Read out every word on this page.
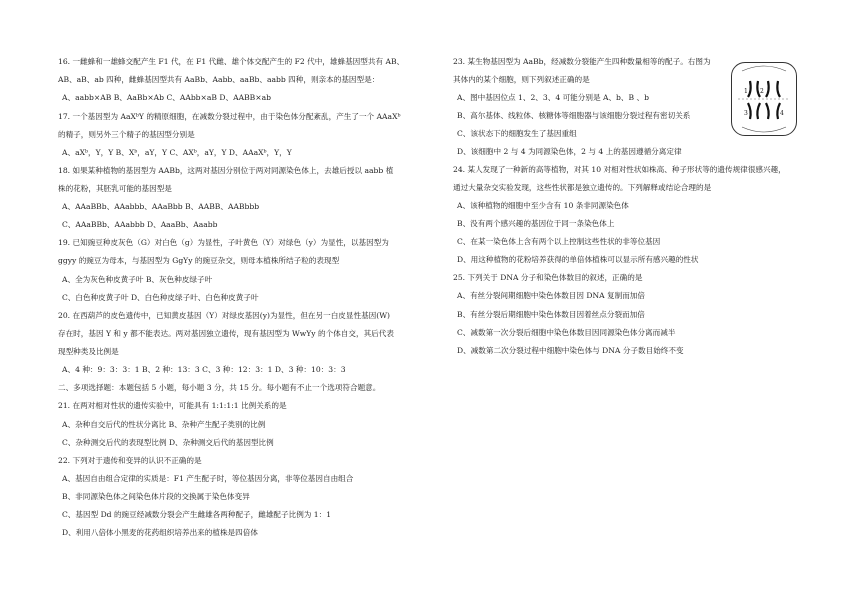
16. 一雌蜂和一雄蜂交配产生 F1 代，在 F1 代雌、雄个体交配产生的 F2 代中，雄蜂基因型共有 AB、
AB、aB、ab 四种，雌蜂基因型共有 AaBb、Aabb、aaBb、aabb 四种，则亲本的基因型是：
A、aabb×AB B、AaBb×Ab C、AAbb×aB D、AABB×ab
17. 一个基因型为 AaXᵇY 的精原细胞，在减数分裂过程中，由于染色体分配紊乱，产生了一个 AAaXᵇ
的精子，则另外三个精子的基因型分别是
A、aXᵇ，Y，Y B、Xᵇ，aY，Y C、AXᵇ，aY，Y D、AAaXᵇ，Y，Y
18. 如果某种植物的基因型为 AABb，这两对基因分别位于两对同源染色体上，去雄后授以 aabb 植
株的花粉，其胚乳可能的基因型是
A、AAaBBb、AAabbb、AAaBbb B、AABB、AABbbb
C、AAaBBb、AAabbb D、AaaBb、Aaabb
19. 已知豌豆种皮灰色（G）对白色（g）为显性，子叶黄色（Y）对绿色（y）为显性，以基因型为
ggyy 的豌豆为母本，与基因型为 GgYy 的豌豆杂交，则母本植株所结子粒的表现型
A、全为灰色种皮黄子叶 B、灰色种皮绿子叶
C、白色种皮黄子叶 D、白色种皮绿子叶、白色种皮黄子叶
20. 在西葫芦的皮色遗传中，已知黄皮基因（Y）对绿皮基因(y)为显性，但在另一白皮显性基因(W)
存在时，基因 Y 和 y 都不能表达。两对基因独立遗传，现有基因型为 WwYy 的个体自交，其后代表
现型种类及比例是
A、4 种：9：3：3：1 B、2 种：13：3 C、3 种：12：3：1 D、3 种：10：3：3
二、多项选择题：本题包括 5 小题，每小题 3 分，共 15 分。每小题有不止一个选项符合题意。
21. 在两对相对性状的遗传实验中，可能具有 1:1:1:1 比例关系的是
A、杂种自交后代的性状分离比 B、杂种产生配子类别的比例
C、杂种测交后代的表现型比例 D、杂种测交后代的基因型比例
22. 下列对于遗传和变异的认识不正确的是
A、基因自由组合定律的实质是：F1 产生配子时，等位基因分离，非等位基因自由组合
B、非同源染色体之间染色体片段的交换属于染色体变异
C、基因型 Dd 的豌豆经减数分裂会产生雌雄各两种配子，雌雄配子比例为 1：1
D、利用八倍体小黑麦的花药组织培养出来的植株是四倍体
23. 某生物基因型为 AaBb，经减数分裂能产生四种数量相等的配子。右图为
其体内的某个细胞，则下列叙述正确的是
A、图中基因位点 1、2、3、4 可能分别是 A、b、B 、b
B、高尔基体、线粒体、核糖体等细胞器与该细胞分裂过程有密切关系
C、该状态下的细胞发生了基因重组
D、该细胞中 2 与 4 为同源染色体，2 与 4 上的基因遵循分离定律
24. 某人发现了一种新的高等植物，对其 10 对相对性状如株高、种子形状等的遗传规律很感兴趣，
通过大量杂交实验发现，这些性状都是独立遗传的。下列解释或结论合理的是
A、该种植物的细胞中至少含有 10 条非同源染色体
B、没有两个感兴趣的基因位于同一条染色体上
C、在某一染色体上含有两个以上控制这些性状的非等位基因
D、用这种植物的花粉培养获得的单倍体植株可以显示所有感兴趣的性状
25. 下列关于 DNA 分子和染色体数目的叙述，正确的是
A、有丝分裂间期细胞中染色体数目因 DNA 复制而加倍
B、有丝分裂后期细胞中染色体数目因着丝点分裂而加倍
C、减数第一次分裂后细胞中染色体数目因同源染色体分离而减半
D、减数第二次分裂过程中细胞中染色体与 DNA 分子数目始终不变
1 2
3	4
